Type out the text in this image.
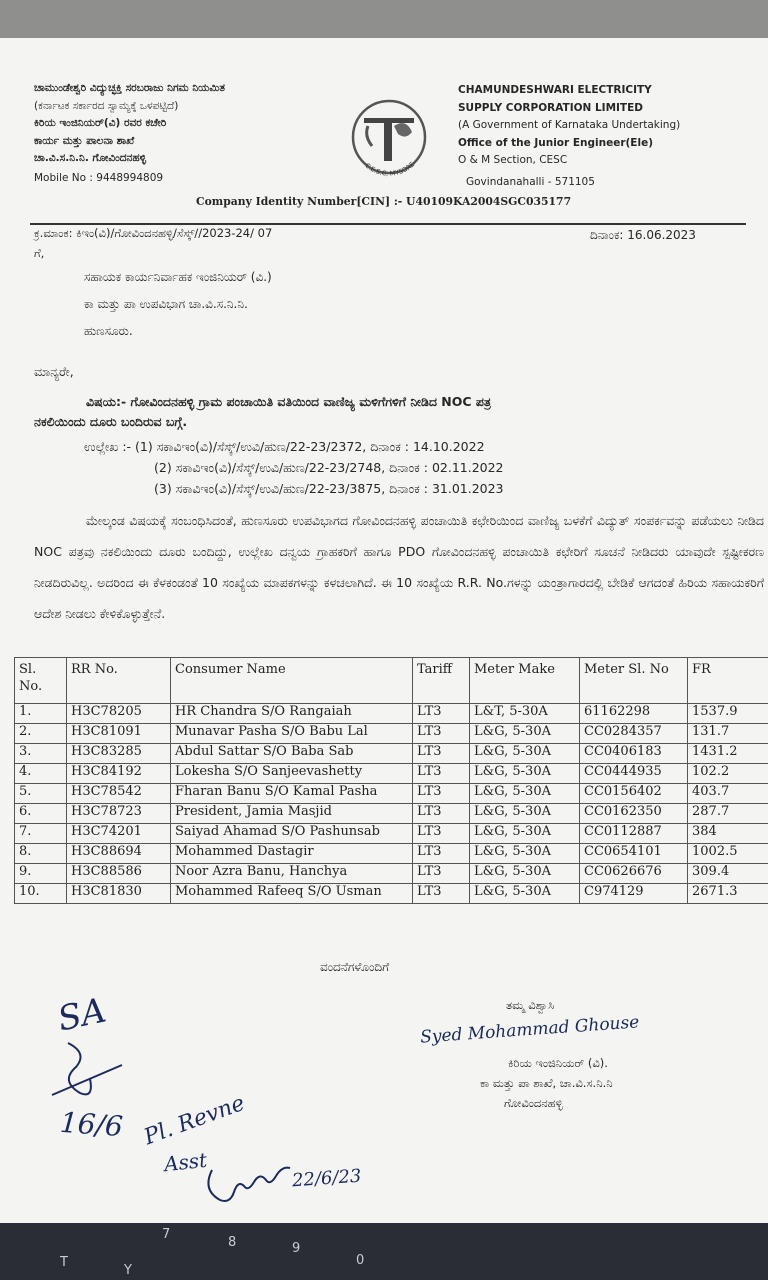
ಚಾಮುಂಡೇಶ್ವರಿ ವಿದ್ಯುಚ್ಛಕ್ತಿ ಸರಬರಾಜು ನಿಗಮ ನಿಯಮಿತ
(ಕರ್ನಾಟಕ ಸರ್ಕಾರದ ಸ್ವಾಮ್ಯಕ್ಕೆ ಒಳಪಟ್ಟಿದೆ)
ಕಿರಿಯ ಇಂಜಿನಿಯರ್(ವಿ) ರವರ ಕಚೇರಿ
ಕಾರ್ಯ ಮತ್ತು ಪಾಲನಾ ಶಾಖೆ
ಚಾ.ವಿ.ಸ.ನಿ.ನಿ. ಗೋವಿಂದನಹಳ್ಳಿ
Mobile No : 9448994809
C.E.S.C, MYSORE
CHAMUNDESHWARI ELECTRICITY
SUPPLY CORPORATION LIMITED
(A Government of Karnataka Undertaking)
Office of the Junior Engineer(Ele)
O & M Section, CESC
Govindanahalli - 571105
Company Identity Number[CIN] :- U40109KA2004SGC035177
ಕ್ರ.ಮಾಂಕ: ಕಿಇಂ(ವಿ)/ಗೋವಿಂದನಹಳ್ಳಿ/ಸೆಸ್ಕ್//2023-24/ 07	ದಿನಾಂಕ: 16.06.2023
ಗೆ,
ಸಹಾಯಕ ಕಾರ್ಯನಿರ್ವಾಹಕ ಇಂಜಿನಿಯರ್ (ವಿ.)
ಕಾ ಮತ್ತು ಪಾ ಉಪವಿಭಾಗ ಚಾ.ವಿ.ಸ.ನಿ.ನಿ.
ಹುಣಸೂರು.
ಮಾನ್ಯರೇ,
ವಿಷಯ:- ಗೋವಿಂದನಹಳ್ಳಿ ಗ್ರಾಮ ಪಂಚಾಯಿತಿ ವತಿಯಿಂದ ವಾಣಿಜ್ಯ ಮಳಿಗೆಗಳಿಗೆ ನೀಡಿದ NOC ಪತ್ರ
ನಕಲಿಯಿಂದು ದೂರು ಬಂದಿರುವ ಬಗ್ಗೆ.
ಉಲ್ಲೇಖ :- (1) ಸಕಾವಿಇಂ(ವಿ)/ಸೆಸ್ಕ್/ಉವಿ/ಹುಣ/22-23/2372, ದಿನಾಂಕ : 14.10.2022
(2) ಸಕಾವಿಇಂ(ವಿ)/ಸೆಸ್ಕ್/ಉವಿ/ಹುಣ/22-23/2748, ದಿನಾಂಕ : 02.11.2022
(3) ಸಕಾವಿಇಂ(ವಿ)/ಸೆಸ್ಕ್/ಉವಿ/ಹುಣ/22-23/3875, ದಿನಾಂಕ : 31.01.2023
ಮೇಲ್ಕಂಡ ವಿಷಯಕ್ಕೆ ಸಂಬಂಧಿಸಿದಂತೆ, ಹುಣಸೂರು ಉಪವಿಭಾಗದ ಗೋವಿಂದನಹಳ್ಳಿ ಪಂಚಾಯಿತಿ ಕಛೇರಿಯಿಂದ ವಾಣಿಜ್ಯ ಬಳಕೆಗೆ ವಿದ್ಯುತ್ ಸಂಪರ್ಕವನ್ನು ಪಡೆಯಲು ನೀಡಿದ NOC ಪತ್ರವು ನಕಲಿಯಿಂದು ದೂರು ಬಂದಿದ್ದು, ಉಲ್ಲೇಖ ದನ್ವಯ ಗ್ರಾಹಕರಿಗೆ ಹಾಗೂ PDO ಗೋವಿಂದನಹಳ್ಳಿ ಪಂಚಾಯಿತಿ ಕಛೇರಿಗೆ ಸೂಚನೆ ನೀಡಿದರು ಯಾವುದೇ ಸ್ಪಷ್ಟೀಕರಣ ನೀಡದಿರುವಿಲ್ಲ. ಅದರಿಂದ ಈ ಕೆಳಕಂಡಂತೆ 10 ಸಂಖ್ಯೆಯ ಮಾಪಕಗಳನ್ನು ಕಳಚಲಾಗಿದೆ. ಈ 10 ಸಂಖ್ಯೆಯ R.R. No.ಗಳನ್ನು ಯಂತ್ರಾಗಾರದಲ್ಲಿ ಬೇಡಿಕೆ ಆಗದಂತೆ ಹಿರಿಯ ಸಹಾಯಕರಿಗೆ ಆದೇಶ ನೀಡಲು ಕೇಳಿಕೊಳ್ಳುತ್ತೇನೆ.
Sl. No.	RR No.	Consumer Name	Tariff	Meter Make	Meter Sl. No	FR
1.	H3C78205	HR Chandra S/O Rangaiah	LT3	L&T, 5-30A	61162298	1537.9
2.	H3C81091	Munavar Pasha S/O Babu Lal	LT3	L&G, 5-30A	CC0284357	131.7
3.	H3C83285	Abdul Sattar S/O Baba Sab	LT3	L&G, 5-30A	CC0406183	1431.2
4.	H3C84192	Lokesha S/O Sanjeevashetty	LT3	L&G, 5-30A	CC0444935	102.2
5.	H3C78542	Fharan Banu S/O Kamal Pasha	LT3	L&G, 5-30A	CC0156402	403.7
6.	H3C78723	President, Jamia Masjid	LT3	L&G, 5-30A	CC0162350	287.7
7.	H3C74201	Saiyad Ahamad S/O Pashunsab	LT3	L&G, 5-30A	CC0112887	384
8.	H3C88694	Mohammed Dastagir	LT3	L&G, 5-30A	CC0654101	1002.5
9.	H3C88586	Noor Azra Banu, Hanchya	LT3	L&G, 5-30A	CC0626676	309.4
10.	H3C81830	Mohammed Rafeeq S/O Usman	LT3	L&G, 5-30A	C974129	2671.3
ವಂದನೆಗಳೊಂದಿಗೆ
ತಮ್ಮ ವಿಶ್ವಾಸಿ
Syed Mohammad Ghouse
ಕಿರಿಯ ಇಂಜಿನಿಯರ್ (ವಿ).
ಕಾ ಮತ್ತು ಪಾ ಶಾಖೆ, ಚಾ.ವಿ.ಸ.ನಿ.ನಿ
ಗೋವಿಂದನಹಳ್ಳಿ
SA
16/6 Pl. Revne
Asst
22/6/23
7
8	9
0
T
Y
